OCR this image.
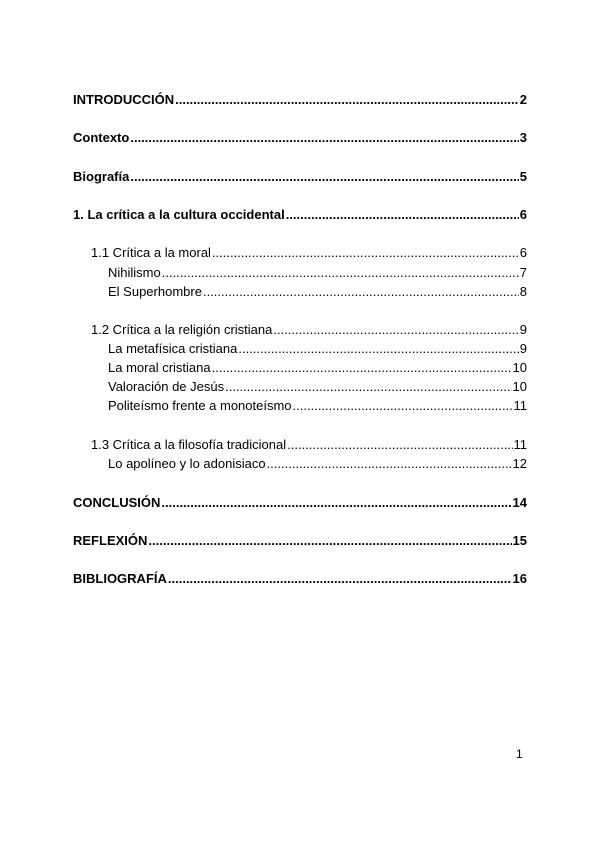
INTRODUCCIÓN .....	2
Contexto .....	3
Biografía .....	5
1. La crítica a la cultura occidental .....	6
1.1 Crítica a la moral .....	6
Nihilismo .....	7
El Superhombre .....	8
1.2 Crítica a la religión cristiana .....	9
La metafísica cristiana .....	9
La moral cristiana .....	10
Valoración de Jesús .....	10
Politeísmo frente a monoteísmo .....	11
1.3 Crítica a la filosofía tradicional .....	11
Lo apolíneo y lo adonisiaco .....	12
CONCLUSIÓN .....	14
REFLEXIÓN .....	15
BIBLIOGRAFÍA .....	16
1
